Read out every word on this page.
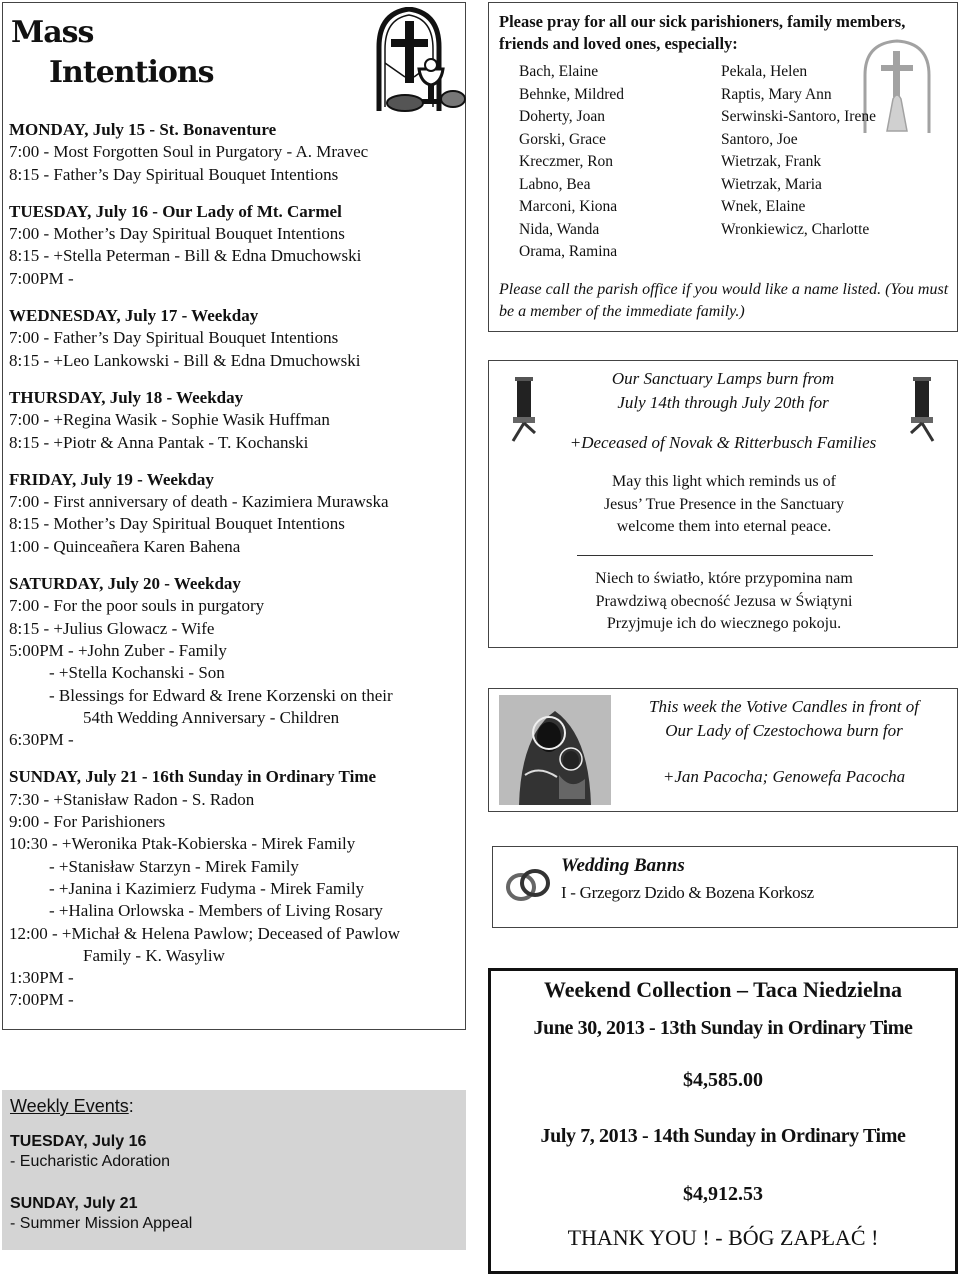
Mass
Intentions
MONDAY, July 15 - St. Bonaventure
7:00 - Most Forgotten Soul in Purgatory - A. Mravec
8:15 - Father’s Day Spiritual Bouquet Intentions
TUESDAY, July 16 - Our Lady of Mt. Carmel
7:00 - Mother’s Day Spiritual Bouquet Intentions
8:15 - +Stella Peterman - Bill & Edna Dmuchowski
7:00PM -
WEDNESDAY, July 17 - Weekday
7:00 - Father’s Day Spiritual Bouquet Intentions
8:15 - +Leo Lankowski - Bill & Edna Dmuchowski
THURSDAY, July 18 - Weekday
7:00 - +Regina Wasik - Sophie Wasik Huffman
8:15 - +Piotr & Anna Pantak - T. Kochanski
FRIDAY, July 19 - Weekday
7:00 - First anniversary of death - Kazimiera Murawska
8:15 - Mother’s Day Spiritual Bouquet Intentions
1:00 - Quinceañera Karen Bahena
SATURDAY, July 20 - Weekday
7:00 - For the poor souls in purgatory
8:15 - +Julius Glowacz - Wife
5:00PM - +John Zuber - Family
- +Stella Kochanski - Son
- Blessings for Edward & Irene Korzenski on their
54th Wedding Anniversary - Children
6:30PM -
SUNDAY, July 21 - 16th Sunday in Ordinary Time
7:30 - +Stanisław Radon - S. Radon
9:00 - For Parishioners
10:30 - +Weronika Ptak-Kobierska - Mirek Family
- +Stanisław Starzyn - Mirek Family
- +Janina i Kazimierz Fudyma - Mirek Family
- +Halina Orlowska - Members of Living Rosary
12:00 - +Michał & Helena Pawlow; Deceased of Pawlow
Family - K. Wasyliw
1:30PM -
7:00PM -
Weekly Events:
TUESDAY, July 16
- Eucharistic Adoration
SUNDAY, July 21
- Summer Mission Appeal
Please pray for all our sick parishioners, family members, friends and loved ones, especially:
Bach, Elaine
Behnke, Mildred
Doherty, Joan
Gorski, Grace
Kreczmer, Ron
Labno, Bea
Marconi, Kiona
Nida, Wanda
Orama, Ramina
Pekala, Helen
Raptis, Mary Ann
Serwinski-Santoro, Irene
Santoro, Joe
Wietrzak, Frank
Wietrzak, Maria
Wnek, Elaine
Wronkiewicz, Charlotte
Please call the parish office if you would like a name listed. (You must be a member of the immediate family.)
Our Sanctuary Lamps burn from
July 14th through July 20th for
+Deceased of Novak & Ritterbusch Families
May this light which reminds us of
Jesus’ True Presence in the Sanctuary
welcome them into eternal peace.
Niech to światło, które przypomina nam
Prawdziwą obecność Jezusa w Świątyni
Przyjmuje ich do wiecznego pokoju.
This week the Votive Candles in front of
Our Lady of Czestochowa burn for
+Jan Pacocha; Genowefa Pacocha
Wedding Banns
I - Grzegorz Dzido & Bozena Korkosz
Weekend Collection – Taca Niedzielna
June 30, 2013 - 13th Sunday in Ordinary Time
$4,585.00
July 7, 2013 - 14th Sunday in Ordinary Time
$4,912.53
THANK YOU ! - BÓG ZAPŁAĆ !
